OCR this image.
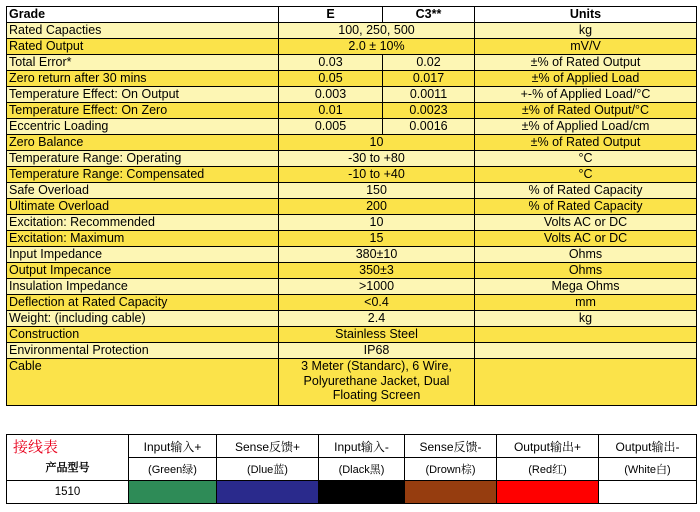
Grade	E	C3**	Units
Rated Capacties	100, 250, 500		kg
Rated Output	2.0 ± 10%		mV/V
Total Error*	0.03	0.02	±% of Rated Output
Zero return after 30 mins	0.05	0.017	±% of Applied Load
Temperature Effect: On Output	0.003	0.0011	+-% of Applied Load/°C
Temperature Effect: On Zero	0.01	0.0023	±% of Rated Output/°C
Eccentric Loading	0.005	0.0016	±% of Applied Load/cm
Zero Balance	10		±% of Rated Output
Temperature Range: Operating	-30 to +80		°C
Temperature Range: Compensated	-10 to +40		°C
Safe Overload	150		% of Rated Capacity
Ultimate Overload	200		% of Rated Capacity
Excitation: Recommended	10		Volts AC or DC
Excitation: Maximum	15		Volts AC or DC
Input Impedance	380±10		Ohms
Output Impecance	350±3		Ohms
Insulation Impedance	>1000		Mega Ohms
Deflection at Rated Capacity	<0.4		mm
Weight: (including cable)	2.4		kg
Construction	Stainless Steel		
Environmental Protection	IP68		
Cable	3 Meter (Standarc), 6 Wire, Polyurethane Jacket, Dual Floating Screen		
接线表
产品型号	Input输入+	Sense反馈+	Input输入-	Sense反馈-	Output输出+	Output输出-
	(Green绿)	(Dlue蓝)	(Dlack黑)	(Drown棕)	(Red红)	(White白)
1510	
